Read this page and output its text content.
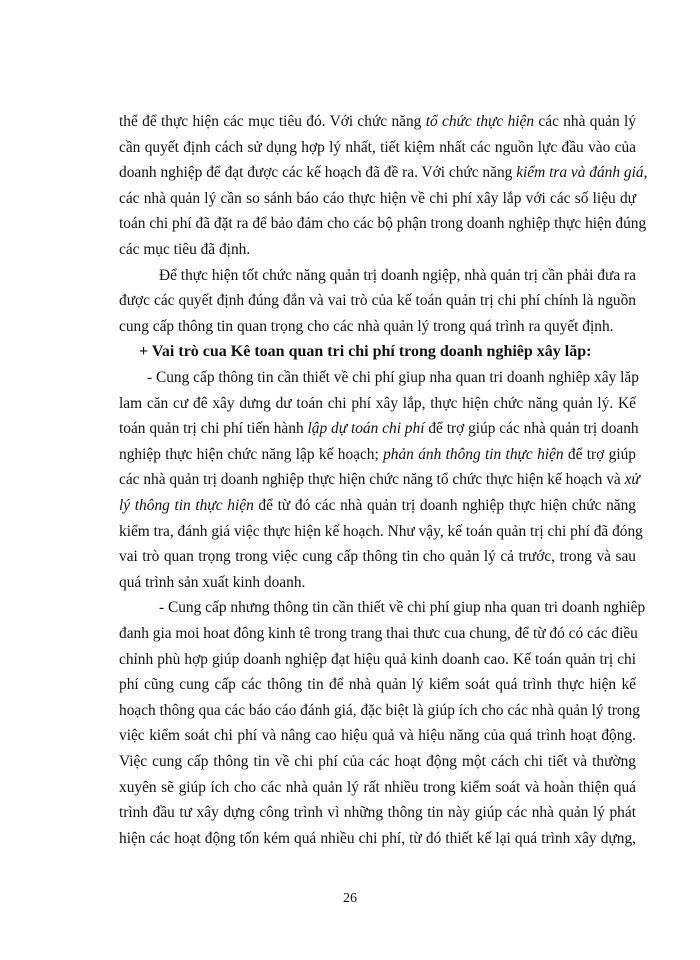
thể để thực hiện các mục tiêu đó. Với chức năng tổ chức thực hiện các nhà quản lý
cần quyết định cách sử dụng hợp lý nhất, tiết kiệm nhất các nguồn lực đầu vào của
doanh nghiệp để đạt được các kế hoạch đã đề ra. Với chức năng kiểm tra và đánh giá,
các nhà quản lý cần so sánh báo cáo thực hiện về chi phí xây lắp với các số liệu dự
toán chi phí đã đặt ra để bảo đảm cho các bộ phận trong doanh nghiệp thực hiện đúng
các mục tiêu đã định.
Để thực hiện tốt chức năng quản trị doanh ngiệp, nhà quản trị cần phải đưa ra
được các quyết định đúng đắn và vai trò của kế toán quản trị chi phí chính là nguồn
cung cấp thông tin quan trọng cho các nhà quản lý trong quá trình ra quyết định.
+ Vai trò cua Kê toan quan tri chi phí trong doanh nghiêp xây lăp:
- Cung cấp thông tin cần thiết về chi phí giup nha quan tri doanh nghiêp xây lăp
lam căn cư đê xây dưng dư toán chi phí xây lắp, thực hiện chức năng quản lý. Kế
toán quản trị chi phí tiến hành lập dự toán chi phí để trợ giúp các nhà quản trị doanh
nghiệp thực hiện chức năng lập kế hoạch; phản ánh thông tin thực hiện để trợ giúp
các nhà quản trị doanh nghiệp thực hiện chức năng tổ chức thực hiện kế hoạch và xử
lý thông tin thực hiện để từ đó các nhà quản trị doanh nghiệp thực hiện chức năng
kiểm tra, đánh giá việc thực hiện kế hoạch. Như vậy, kế toán quản trị chi phí đã đóng
vai trò quan trọng trong việc cung cấp thông tin cho quản lý cả trước, trong và sau
quá trình sản xuất kinh doanh.
- Cung cấp nhưng thông tin cần thiết về chi phí giup nha quan tri doanh nghiêp
đanh gia moi hoat đông kinh tê trong trang thai thưc cua chung, để từ đó có các điều
chỉnh phù hợp giúp doanh nghiệp đạt hiệu quả kinh doanh cao. Kế toán quản trị chi
phí cũng cung cấp các thông tin để nhà quản lý kiểm soát quá trình thực hiện kế
hoạch thông qua các báo cáo đánh giá, đặc biệt là giúp ích cho các nhà quản lý trong
việc kiểm soát chi phí và nâng cao hiệu quả và hiệu năng của quá trình hoạt động.
Việc cung cấp thông tin về chi phí của các hoạt động một cách chi tiết và thường
xuyên sẽ giúp ích cho các nhà quản lý rất nhiều trong kiểm soát và hoàn thiện quá
trình đầu tư xây dựng công trình vì những thông tin này giúp các nhà quản lý phát
hiện các hoạt động tốn kém quá nhiều chi phí, từ đó thiết kế lại quá trình xây dựng,
26
